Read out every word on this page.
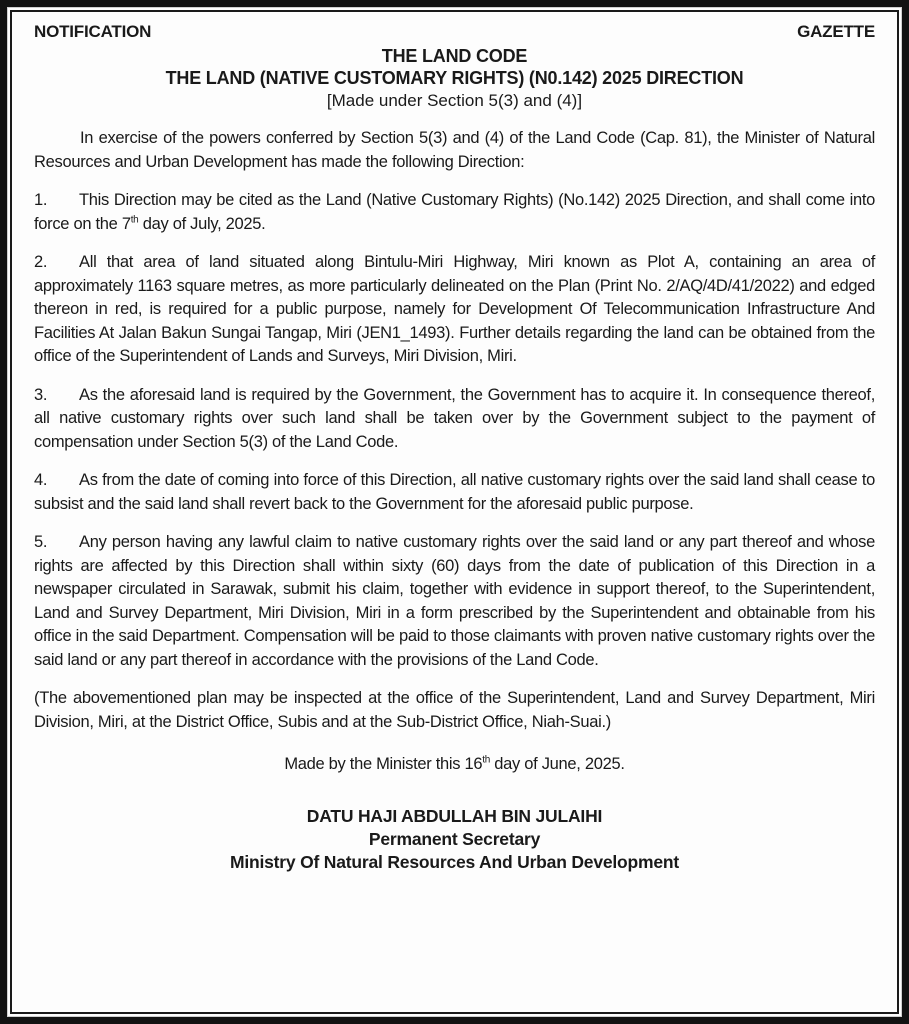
NOTIFICATION	GAZETTE
THE LAND CODE
THE LAND (NATIVE CUSTOMARY RIGHTS) (N0.142) 2025 DIRECTION
[Made under Section 5(3) and (4)]

In exercise of the powers conferred by Section 5(3) and (4) of the Land Code (Cap. 81), the Minister of Natural Resources and Urban Development has made the following Direction:

1. This Direction may be cited as the Land (Native Customary Rights) (No.142) 2025 Direction, and shall come into force on the 7th day of July, 2025.

2. All that area of land situated along Bintulu-Miri Highway, Miri known as Plot A, containing an area of approximately 1163 square metres, as more particularly delineated on the Plan (Print No. 2/AQ/4D/41/2022) and edged thereon in red, is required for a public purpose, namely for Development Of Telecommunication Infrastructure And Facilities At Jalan Bakun Sungai Tangap, Miri (JEN1_1493). Further details regarding the land can be obtained from the office of the Superintendent of Lands and Surveys, Miri Division, Miri.

3. As the aforesaid land is required by the Government, the Government has to acquire it. In consequence thereof, all native customary rights over such land shall be taken over by the Government subject to the payment of compensation under Section 5(3) of the Land Code.

4. As from the date of coming into force of this Direction, all native customary rights over the said land shall cease to subsist and the said land shall revert back to the Government for the aforesaid public purpose.

5. Any person having any lawful claim to native customary rights over the said land or any part thereof and whose rights are affected by this Direction shall within sixty (60) days from the date of publication of this Direction in a newspaper circulated in Sarawak, submit his claim, together with evidence in support thereof, to the Superintendent, Land and Survey Department, Miri Division, Miri in a form prescribed by the Superintendent and obtainable from his office in the said Department. Compensation will be paid to those claimants with proven native customary rights over the said land or any part thereof in accordance with the provisions of the Land Code.

(The abovementioned plan may be inspected at the office of the Superintendent, Land and Survey Department, Miri Division, Miri, at the District Office, Subis and at the Sub-District Office, Niah-Suai.)

Made by the Minister this 16th day of June, 2025.

DATU HAJI ABDULLAH BIN JULAIHI
Permanent Secretary
Ministry Of Natural Resources And Urban Development
